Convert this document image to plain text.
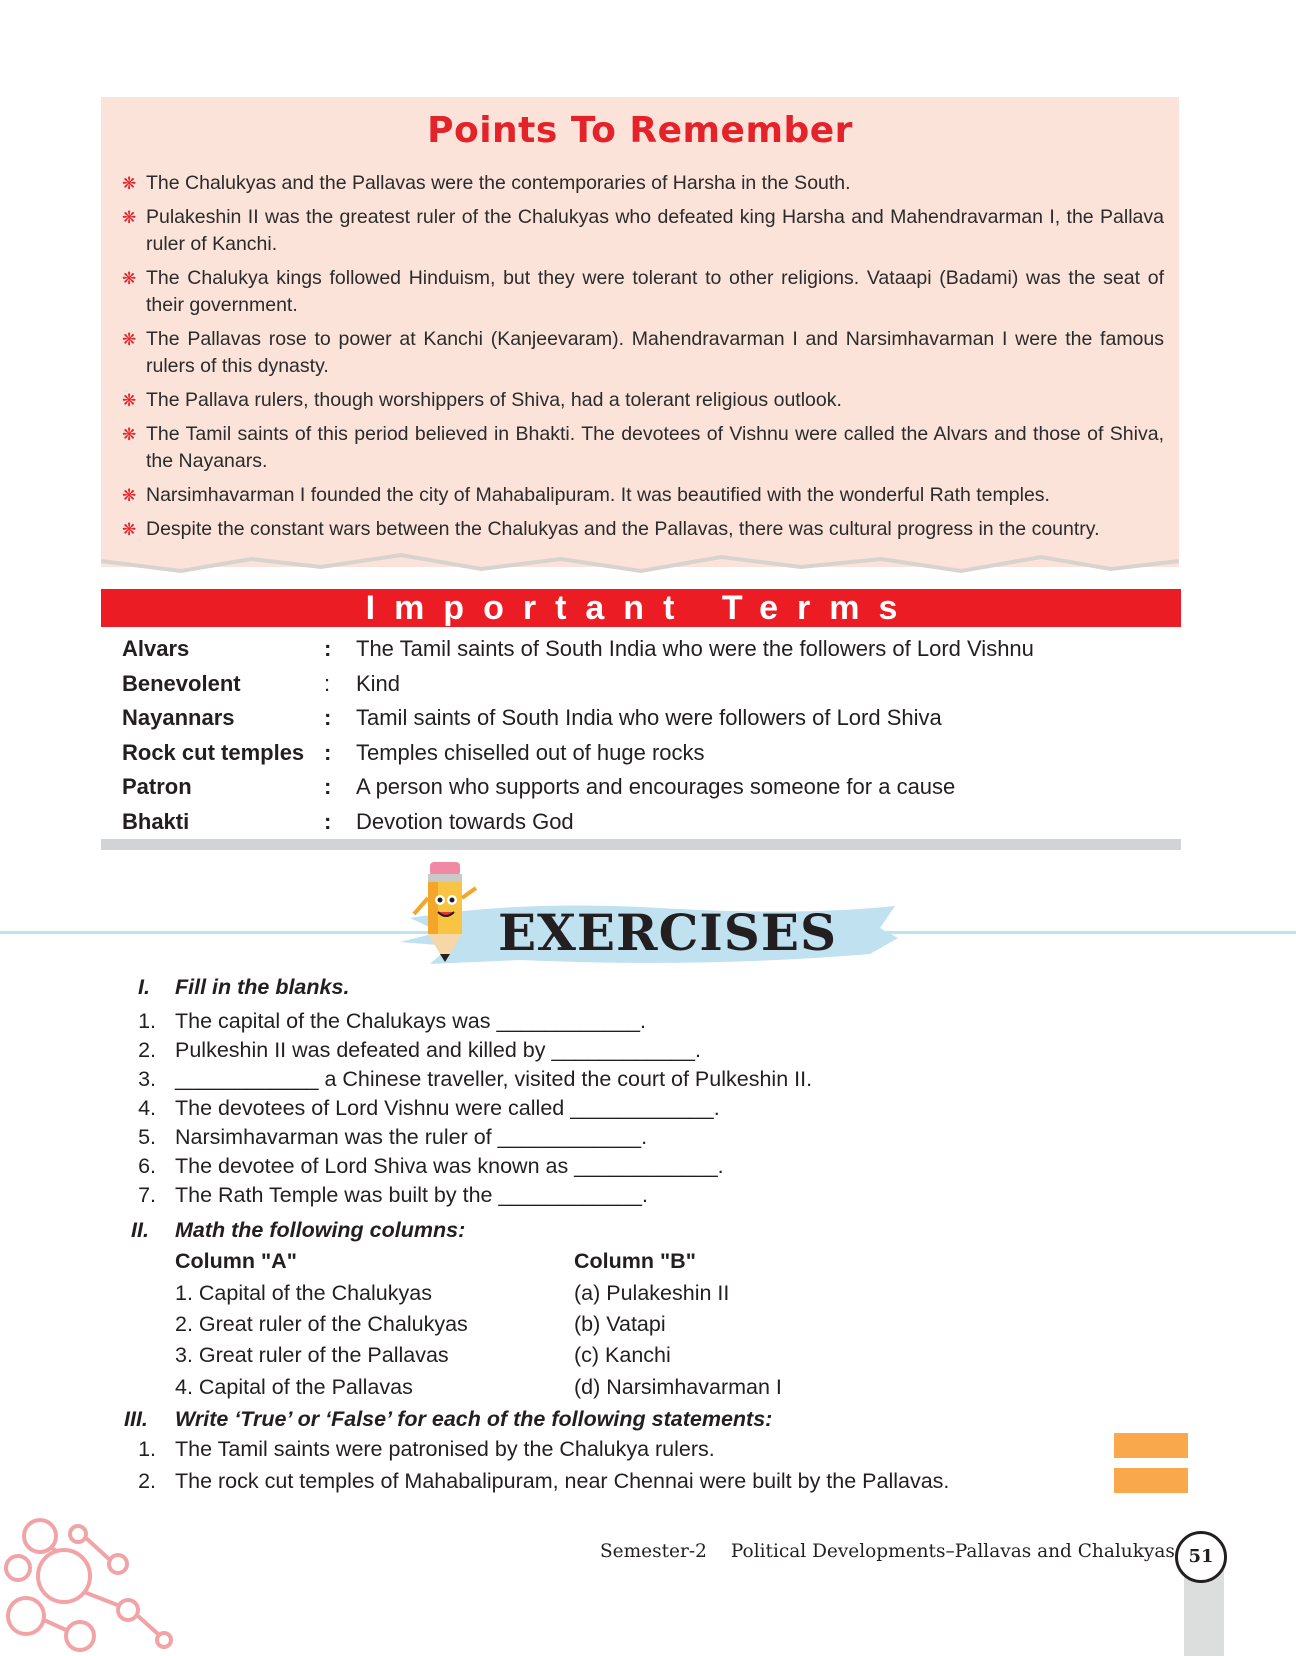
Points To Remember
❋ The Chalukyas and the Pallavas were the contemporaries of Harsha in the South.
❋ Pulakeshin II was the greatest ruler of the Chalukyas who defeated king Harsha and Mahendravarman I, the Pallava ruler of Kanchi.
❋ The Chalukya kings followed Hinduism, but they were tolerant to other religions. Vataapi (Badami) was the seat of their government.
❋ The Pallavas rose to power at Kanchi (Kanjeevaram). Mahendravarman I and Narsimhavarman I were the famous rulers of this dynasty.
❋ The Pallava rulers, though worshippers of Shiva, had a tolerant religious outlook.
❋ The Tamil saints of this period believed in Bhakti. The devotees of Vishnu were called the Alvars and those of Shiva, the Nayanars.
❋ Narsimhavarman I founded the city of Mahabalipuram. It was beautified with the wonderful Rath temples.
❋ Despite the constant wars between the Chalukyas and the Pallavas, there was cultural progress in the country.
Important Terms
Alvars	: The Tamil saints of South India who were the followers of Lord Vishnu
Benevolent	: Kind
Nayannars	: Tamil saints of South India who were followers of Lord Shiva
Rock cut temples : Temples chiselled out of huge rocks
Patron	: A person who supports and encourages someone for a cause
Bhakti	: Devotion towards God
EXERCISES
I. Fill in the blanks.
1. The capital of the Chalukays was ____________.
2. Pulkeshin II was defeated and killed by ____________.
3. ____________ a Chinese traveller, visited the court of Pulkeshin II.
4. The devotees of Lord Vishnu were called ____________.
5. Narsimhavarman was the ruler of ____________.
6. The devotee of Lord Shiva was known as ____________.
7. The Rath Temple was built by the ____________.
II. Math the following columns:
Column "A"	Column "B"
1. Capital of the Chalukyas	(a) Pulakeshin II
2. Great ruler of the Chalukyas	(b) Vatapi
3. Great ruler of the Pallavas	(c) Kanchi
4. Capital of the Pallavas	(d) Narsimhavarman I
III. Write ‘True’ or ‘False’ for each of the following statements:
1. The Tamil saints were patronised by the Chalukya rulers.
2. The rock cut temples of Mahabalipuram, near Chennai were built by the Pallavas.
Semester-2 Political Developments–Pallavas and Chalukyas 51
